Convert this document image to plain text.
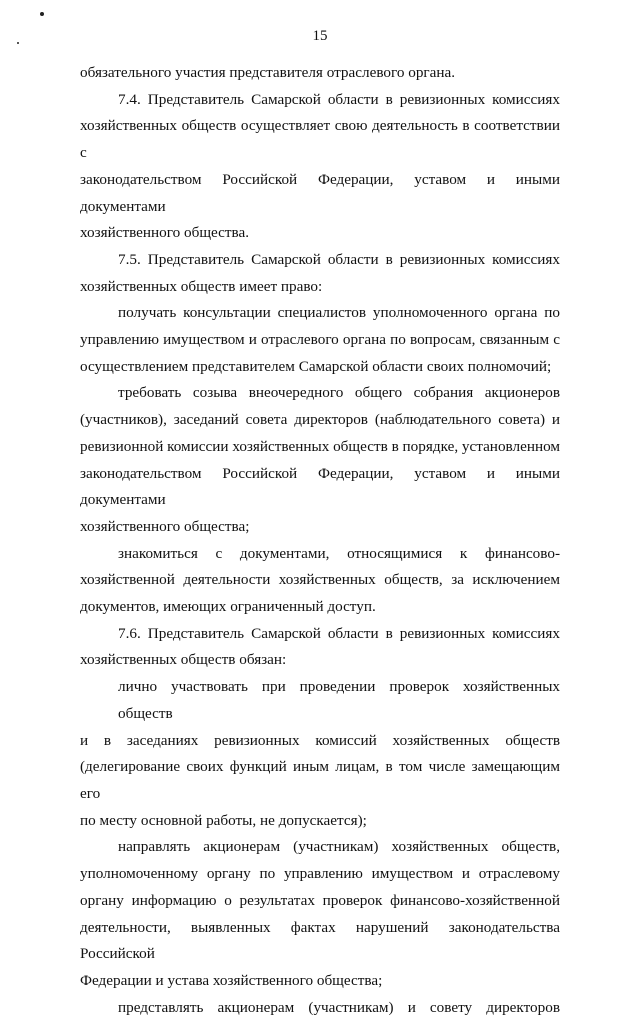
15
обязательного участия представителя отраслевого органа.
7.4. Представитель Самарской области в ревизионных комиссиях
хозяйственных обществ осуществляет свою деятельность в соответствии с
законодательством Российской Федерации, уставом и иными документами
хозяйственного общества.
7.5. Представитель Самарской области в ревизионных комиссиях
хозяйственных обществ имеет право:
получать консультации специалистов уполномоченного органа по
управлению имуществом и отраслевого органа по вопросам, связанным с
осуществлением представителем Самарской области своих полномочий;
требовать созыва внеочередного общего собрания акционеров
(участников), заседаний совета директоров (наблюдательного совета) и
ревизионной комиссии хозяйственных обществ в порядке, установленном
законодательством Российской Федерации, уставом и иными документами
хозяйственного общества;
знакомиться с документами, относящимися к финансово-
хозяйственной деятельности хозяйственных обществ, за исключением
документов, имеющих ограниченный доступ.
7.6. Представитель Самарской области в ревизионных комиссиях
хозяйственных обществ обязан:
лично участвовать при проведении проверок хозяйственных обществ
и в заседаниях ревизионных комиссий хозяйственных обществ
(делегирование своих функций иным лицам, в том числе замещающим его
по месту основной работы, не допускается);
направлять акционерам (участникам) хозяйственных обществ,
уполномоченному органу по управлению имуществом и отраслевому
органу информацию о результатах проверок финансово-хозяйственной
деятельности, выявленных фактах нарушений законодательства Российской
Федерации и устава хозяйственного общества;
представлять акционерам (участникам) и совету директоров
